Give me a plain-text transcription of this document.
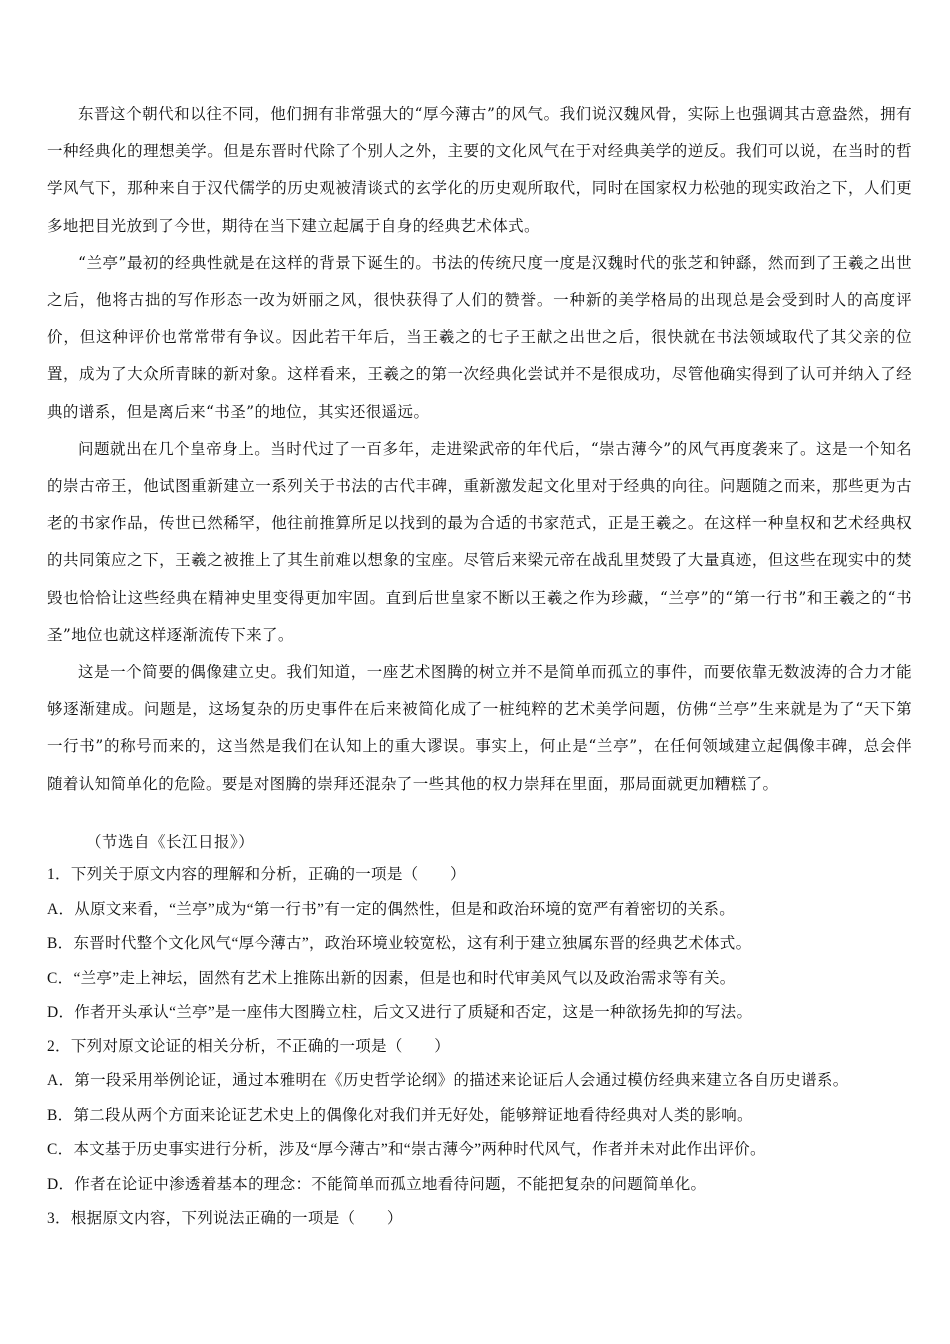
东晋这个朝代和以往不同，他们拥有非常强大的“厚今薄古”的风气。我们说汉魏风骨，实际上也强调其古意盎然，拥有一种经典化的理想美学。但是东晋时代除了个别人之外，主要的文化风气在于对经典美学的逆反。我们可以说，在当时的哲学风气下，那种来自于汉代儒学的历史观被清谈式的玄学化的历史观所取代，同时在国家权力松弛的现实政治之下，人们更多地把目光放到了今世，期待在当下建立起属于自身的经典艺术体式。

“兰亭”最初的经典性就是在这样的背景下诞生的。书法的传统尺度一度是汉魏时代的张芝和钟繇，然而到了王羲之出世之后，他将古拙的写作形态一改为妍丽之风，很快获得了人们的赞誉。一种新的美学格局的出现总是会受到时人的高度评价，但这种评价也常常带有争议。因此若干年后，当王羲之的七子王献之出世之后，很快就在书法领域取代了其父亲的位置，成为了大众所青睐的新对象。这样看来，王羲之的第一次经典化尝试并不是很成功，尽管他确实得到了认可并纳入了经典的谱系，但是离后来“书圣”的地位，其实还很遥远。

问题就出在几个皇帝身上。当时代过了一百多年，走进梁武帝的年代后，“崇古薄今”的风气再度袭来了。这是一个知名的崇古帝王，他试图重新建立一系列关于书法的古代丰碑，重新激发起文化里对于经典的向往。问题随之而来，那些更为古老的书家作品，传世已然稀罕，他往前推算所足以找到的最为合适的书家范式，正是王羲之。在这样一种皇权和艺术经典权的共同策应之下，王羲之被推上了其生前难以想象的宝座。尽管后来梁元帝在战乱里焚毁了大量真迹，但这些在现实中的焚毁也恰恰让这些经典在精神史里变得更加牢固。直到后世皇家不断以王羲之作为珍藏，“兰亭”的“第一行书”和王羲之的“书圣”地位也就这样逐渐流传下来了。

这是一个简要的偶像建立史。我们知道，一座艺术图腾的树立并不是简单而孤立的事件，而要依靠无数波涛的合力才能够逐渐建成。问题是，这场复杂的历史事件在后来被简化成了一桩纯粹的艺术美学问题，仿佛“兰亭”生来就是为了“天下第一行书”的称号而来的，这当然是我们在认知上的重大谬误。事实上，何止是“兰亭”，在任何领域建立起偶像丰碑，总会伴随着认知简单化的危险。要是对图腾的崇拜还混杂了一些其他的权力崇拜在里面，那局面就更加糟糕了。

（节选自《长江日报》）
1．下列关于原文内容的理解和分析，正确的一项是（　　）
A．从原文来看，“兰亭”成为“第一行书”有一定的偶然性，但是和政治环境的宽严有着密切的关系。
B．东晋时代整个文化风气“厚今薄古”，政治环境业较宽松，这有利于建立独属东晋的经典艺术体式。
C．“兰亭”走上神坛，固然有艺术上推陈出新的因素，但是也和时代审美风气以及政治需求等有关。
D．作者开头承认“兰亭”是一座伟大图腾立柱，后文又进行了质疑和否定，这是一种欲扬先抑的写法。
2．下列对原文论证的相关分析，不正确的一项是（　　）
A．第一段采用举例论证，通过本雅明在《历史哲学论纲》的描述来论证后人会通过模仿经典来建立各自历史谱系。
B．第二段从两个方面来论证艺术史上的偶像化对我们并无好处，能够辩证地看待经典对人类的影响。
C．本文基于历史事实进行分析，涉及“厚今薄古”和“崇古薄今”两种时代风气，作者并未对此作出评价。
D．作者在论证中渗透着基本的理念：不能简单而孤立地看待问题，不能把复杂的问题简单化。
3．根据原文内容，下列说法正确的一项是（　　）
